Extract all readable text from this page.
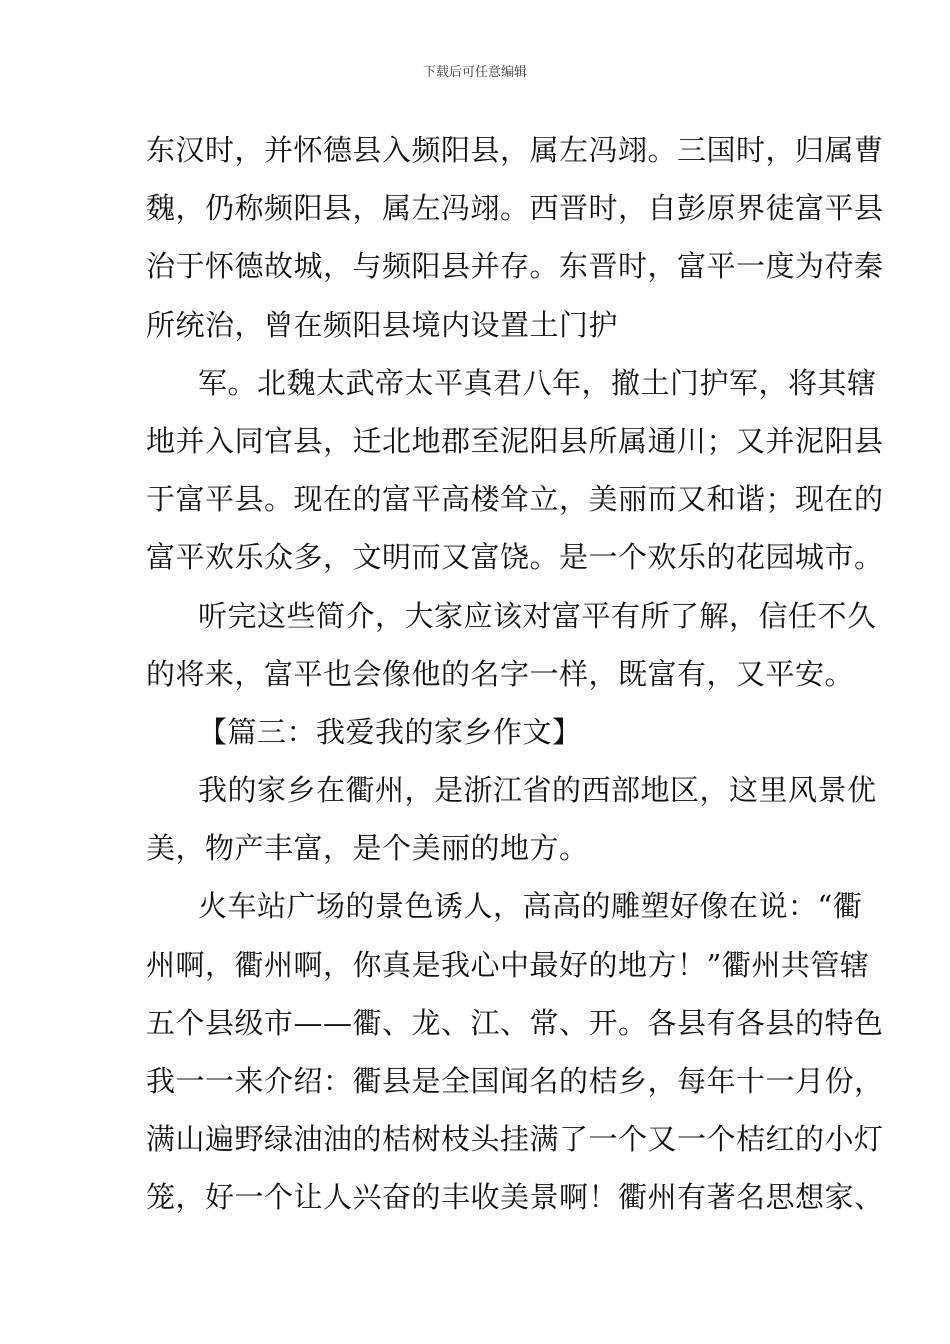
下载后可任意编辑
东汉时，并怀德县入频阳县，属左冯翊。三国时，归属曹
魏，仍称频阳县，属左冯翊。西晋时，自彭原界徒富平县
治于怀德故城，与频阳县并存。东晋时，富平一度为苻秦
所统治，曾在频阳县境内设置土门护
军。北魏太武帝太平真君八年，撤土门护军，将其辖
地并入同官县，迁北地郡至泥阳县所属通川；又并泥阳县
于富平县。现在的富平高楼耸立，美丽而又和谐；现在的
富平欢乐众多，文明而又富饶。是一个欢乐的花园城市。
听完这些简介，大家应该对富平有所了解，信任不久
的将来，富平也会像他的名字一样，既富有，又平安。
【篇三：我爱我的家乡作文】
我的家乡在衢州，是浙江省的西部地区，这里风景优
美，物产丰富，是个美丽的地方。
火车站广场的景色诱人，高高的雕塑好像在说：“衢
州啊，衢州啊，你真是我心中最好的地方！”衢州共管辖
五个县级市——衢、龙、江、常、开。各县有各县的特色
我一一来介绍：衢县是全国闻名的桔乡，每年十一月份，
满山遍野绿油油的桔树枝头挂满了一个又一个桔红的小灯
笼，好一个让人兴奋的丰收美景啊！衢州有著名思想家、
